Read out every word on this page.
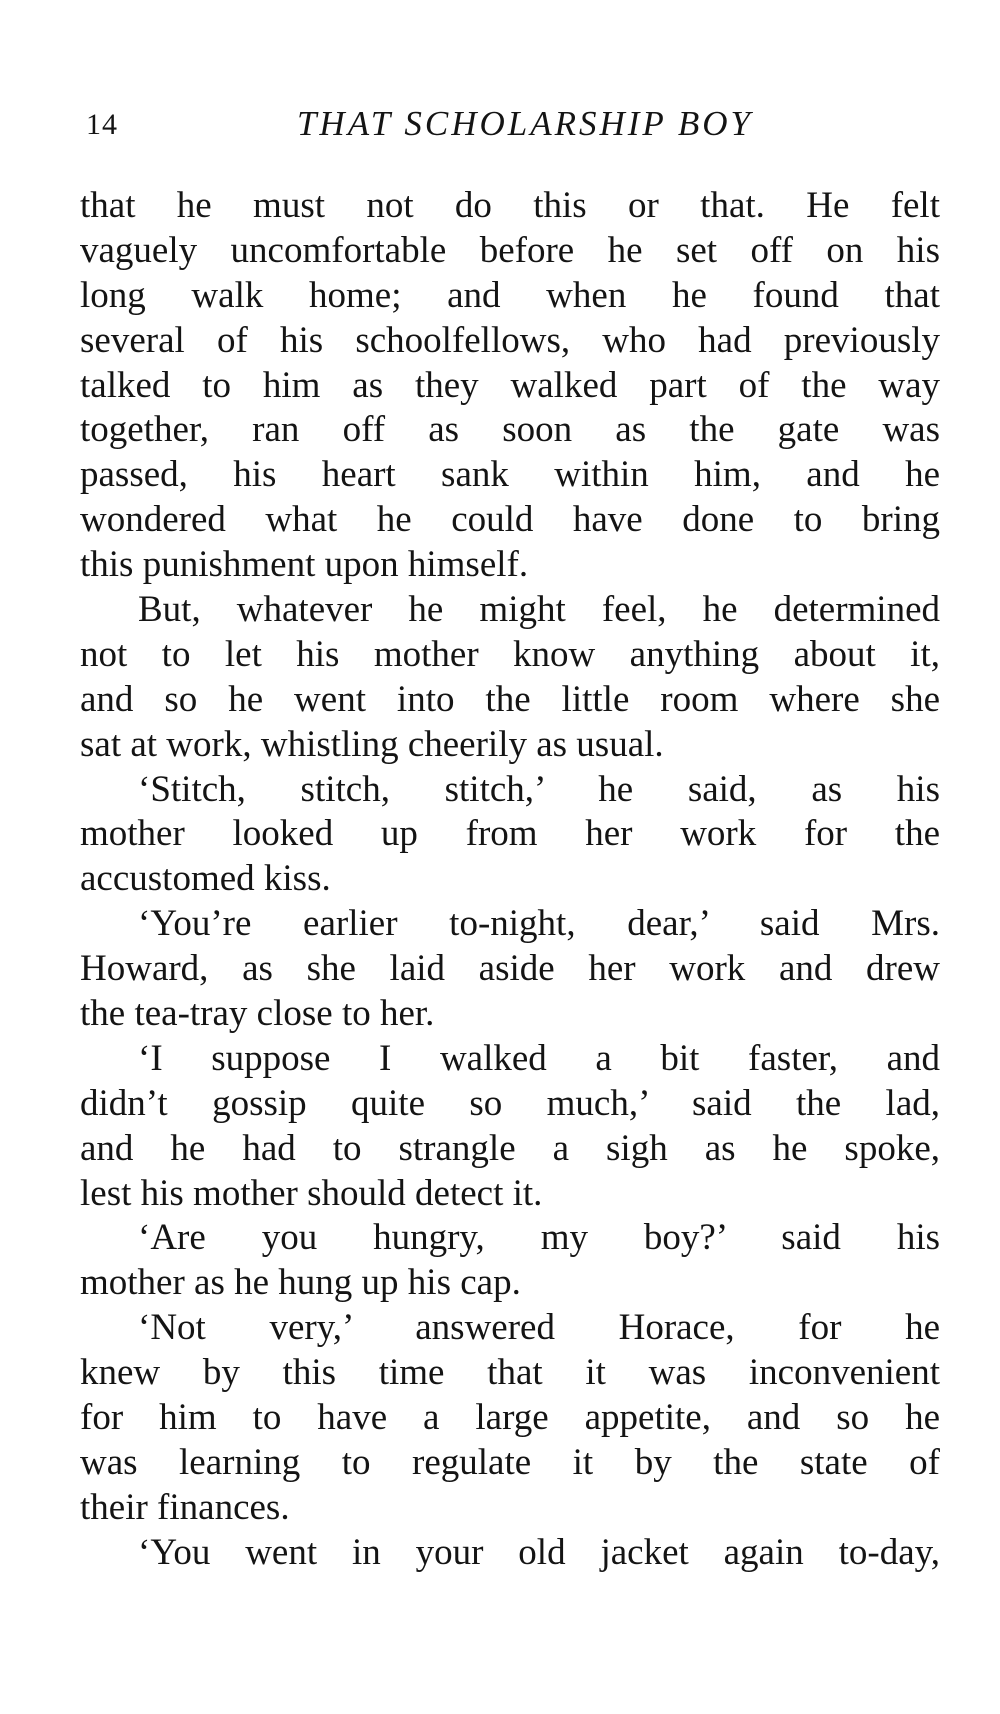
14	THAT SCHOLARSHIP BOY
that he must not do this or that. He felt
vaguely uncomfortable before he set off on his
long walk home; and when he found that
several of his schoolfellows, who had previously
talked to him as they walked part of the way
together, ran off as soon as the gate was
passed, his heart sank within him, and he
wondered what he could have done to bring
this punishment upon himself.
But, whatever he might feel, he determined
not to let his mother know anything about it,
and so he went into the little room where she
sat at work, whistling cheerily as usual.
‘Stitch, stitch, stitch,’ he said, as his
mother looked up from her work for the
accustomed kiss.
‘You’re earlier to-night, dear,’ said Mrs.
Howard, as she laid aside her work and drew
the tea-tray close to her.
‘I suppose I walked a bit faster, and
didn’t gossip quite so much,’ said the lad,
and he had to strangle a sigh as he spoke,
lest his mother should detect it.
‘Are you hungry, my boy?’ said his
mother as he hung up his cap.
‘Not very,’ answered Horace, for he
knew by this time that it was inconvenient
for him to have a large appetite, and so he
was learning to regulate it by the state of
their finances.
‘You went in your old jacket again to-day,
